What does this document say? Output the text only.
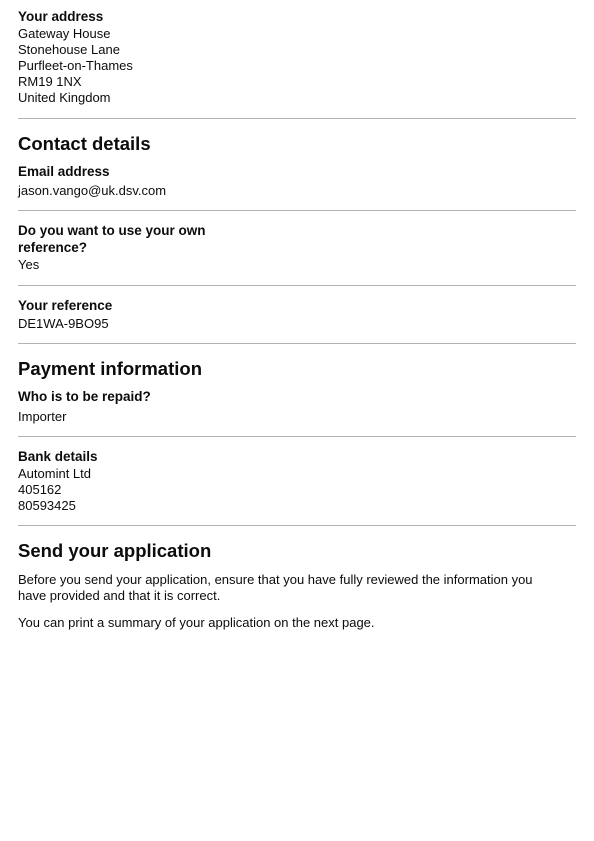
Your address
Gateway House
Stonehouse Lane
Purfleet-on-Thames
RM19 1NX
United Kingdom
Contact details
Email address
jason.vango@uk.dsv.com
Do you want to use your own
reference?
Yes
Your reference
DE1WA-9BO95
Payment information
Who is to be repaid?
Importer
Bank details
Automint Ltd
405162
80593425
Send your application

Before you send your application, ensure that you have fully reviewed the information you
have provided and that it is correct.

You can print a summary of your application on the next page.
